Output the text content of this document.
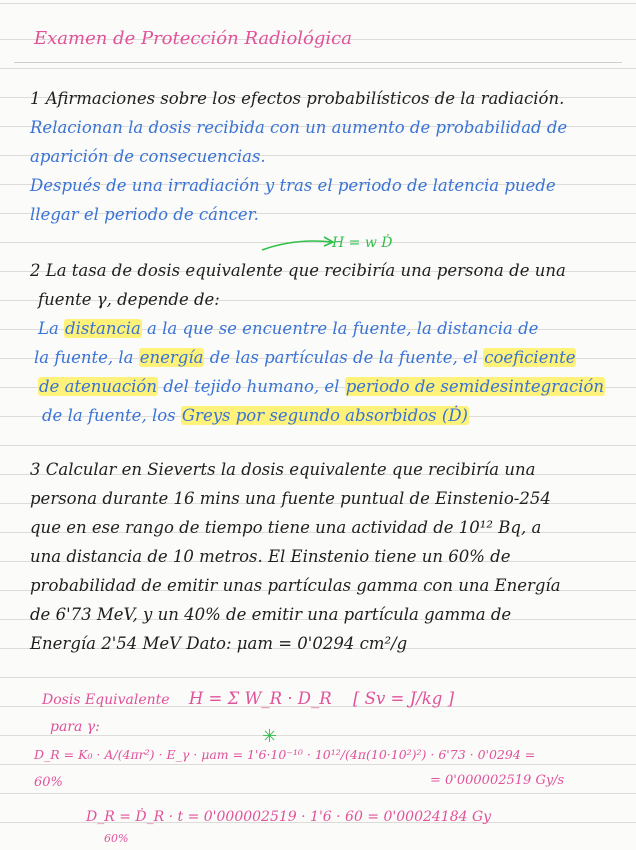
Examen de Protección Radiológica
1 Afirmaciones sobre los efectos probabilísticos de la radiación.
Relacionan la dosis recibida con un aumento de probabilidad de
aparición de consecuencias.
Después de una irradiación y tras el periodo de latencia puede
llegar el periodo de cáncer.
H = w Ḋ
2 La tasa de dosis equivalente que recibiría una persona de una
fuente γ, depende de:
La distancia a la que se encuentre la fuente, la distancia de
la fuente, la energía de las partículas de la fuente, el coeficiente
de atenuación del tejido humano, el periodo de semidesintegración
de la fuente, los Greys por segundo absorbidos (Ḋ)
3 Calcular en Sieverts la dosis equivalente que recibiría una
persona durante 16 mins una fuente puntual de Einstenio-254
que en ese rango de tiempo tiene una actividad de 10¹² Bq, a
una distancia de 10 metros. El Einstenio tiene un 60% de
probabilidad de emitir unas partículas gamma con una Energía
de 6'73 MeV, y un 40% de emitir una partícula gamma de
Energía 2'54 MeV Dato: μam = 0'0294 cm²/g
Dosis Equivalente H = Σ W_R · D_R [ Sv = J/kg ]
para γ:
D_R = K₀ · A/(4πr²) · E_γ · μam = 1'6·10⁻¹⁰ · 10¹²/(4π(10·10²)²) · 6'73 · 0'0294 =
60%	= 0'000002519 Gy/s
✳
D_R = Ḋ_R · t = 0'000002519 · 1'6 · 60 = 0'00024184 Gy
60%
